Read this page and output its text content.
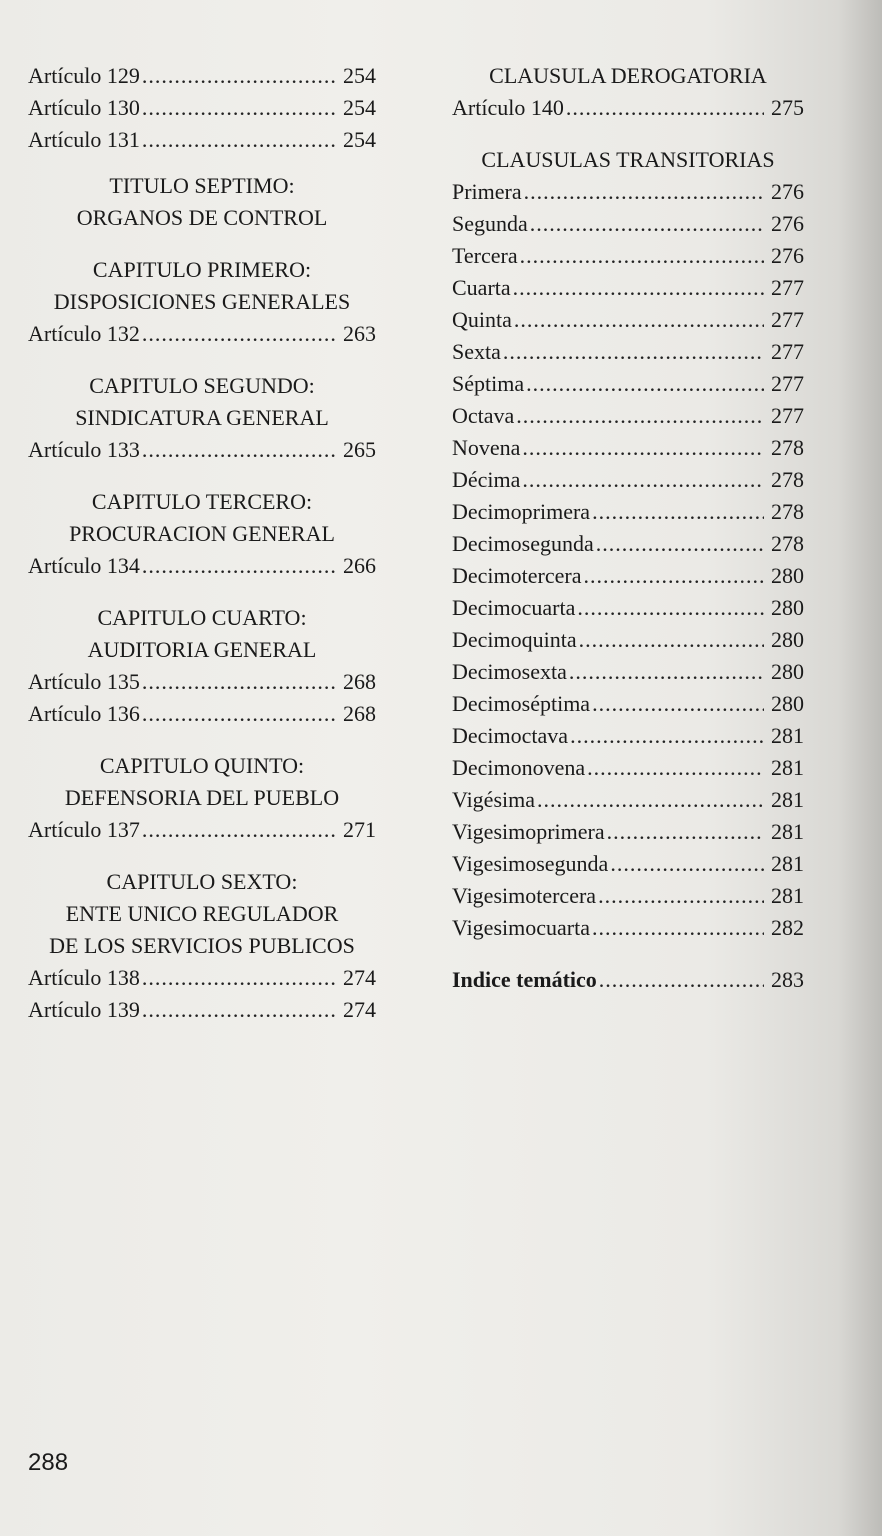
Artículo 129 .....	254
Artículo 130 .....	254
Artículo 131 .....	254
TITULO SEPTIMO:
ORGANOS DE CONTROL
CAPITULO PRIMERO:
DISPOSICIONES GENERALES
Artículo 132 .....	263
CAPITULO SEGUNDO:
SINDICATURA GENERAL
Artículo 133 .....	265
CAPITULO TERCERO:
PROCURACION GENERAL
Artículo 134 .....	266
CAPITULO CUARTO:
AUDITORIA GENERAL
Artículo 135 .....	268
Artículo 136 .....	268
CAPITULO QUINTO:
DEFENSORIA DEL PUEBLO
Artículo 137 .....	271
CAPITULO SEXTO:
ENTE UNICO REGULADOR
DE LOS SERVICIOS PUBLICOS
Artículo 138 .....	274
Artículo 139 .....	274
CLAUSULA DEROGATORIA
Artículo 140 .....	275
CLAUSULAS TRANSITORIAS
Primera .....	276
Segunda .....	276
Tercera .....	276
Cuarta .....	277
Quinta .....	277
Sexta .....	277
Séptima .....	277
Octava .....	277
Novena .....	278
Décima .....	278
Decimoprimera .....	278
Decimosegunda .....	278
Decimotercera .....	280
Decimocuarta .....	280
Decimoquinta .....	280
Decimosexta .....	280
Decimoséptima .....	280
Decimoctava .....	281
Decimonovena .....	281
Vigésima .....	281
Vigesimoprimera .....	281
Vigesimosegunda .....	281
Vigesimotercera .....	281
Vigesimocuarta .....	282
Indice temático .....	283
288
